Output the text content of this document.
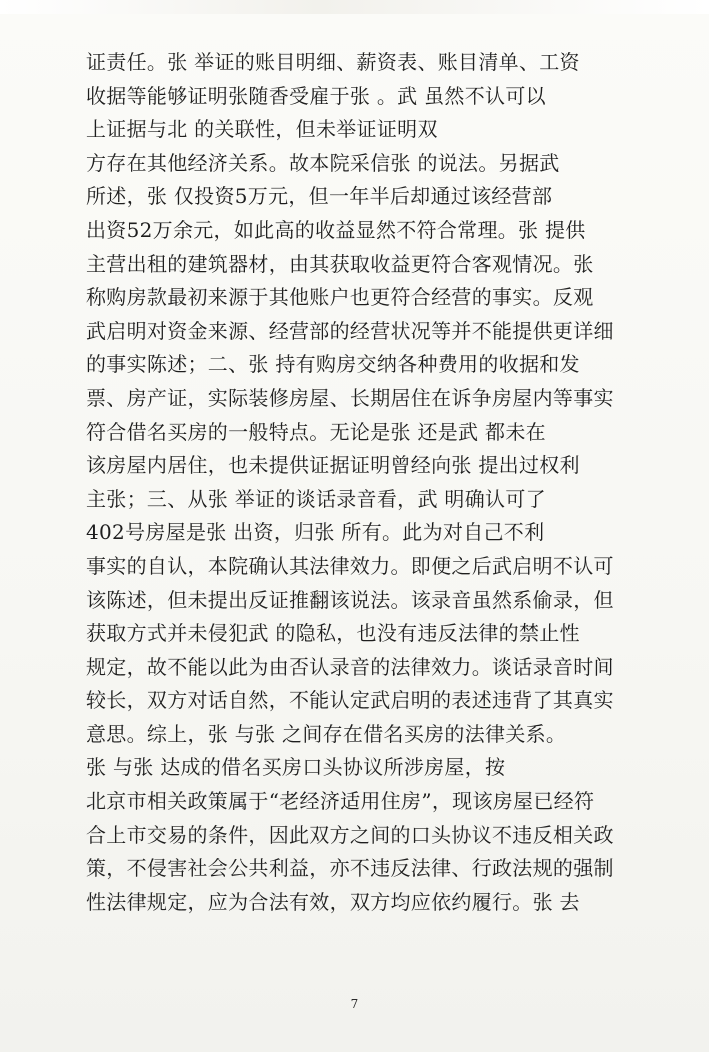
证责任。张 举证的账目明细、薪资表、账目清单、工资
收据等能够证明张随香受雇于张 。武 虽然不认可以
上证据与北 的关联性，但未举证证明双
方存在其他经济关系。故本院采信张 的说法。另据武
所述，张 仅投资5万元，但一年半后却通过该经营部
出资52万余元，如此高的收益显然不符合常理。张 提供
主营出租的建筑器材，由其获取收益更符合客观情况。张
称购房款最初来源于其他账户也更符合经营的事实。反观
武启明对资金来源、经营部的经营状况等并不能提供更详细
的事实陈述；二、张 持有购房交纳各种费用的收据和发
票、房产证，实际装修房屋、长期居住在诉争房屋内等事实
符合借名买房的一般特点。无论是张 还是武 都未在
该房屋内居住，也未提供证据证明曾经向张 提出过权利
主张；三、从张 举证的谈话录音看，武 明确认可了
402号房屋是张 出资，归张 所有。此为对自己不利
事实的自认，本院确认其法律效力。即便之后武启明不认可
该陈述，但未提出反证推翻该说法。该录音虽然系偷录，但
获取方式并未侵犯武 的隐私，也没有违反法律的禁止性
规定，故不能以此为由否认录音的法律效力。谈话录音时间
较长，双方对话自然，不能认定武启明的表述违背了其真实
意思。综上，张 与张 之间存在借名买房的法律关系。
张 与张 达成的借名买房口头协议所涉房屋，按
北京市相关政策属于“老经济适用住房”，现该房屋已经符
合上市交易的条件，因此双方之间的口头协议不违反相关政
策，不侵害社会公共利益，亦不违反法律、行政法规的强制
性法律规定，应为合法有效，双方均应依约履行。张 去
7
